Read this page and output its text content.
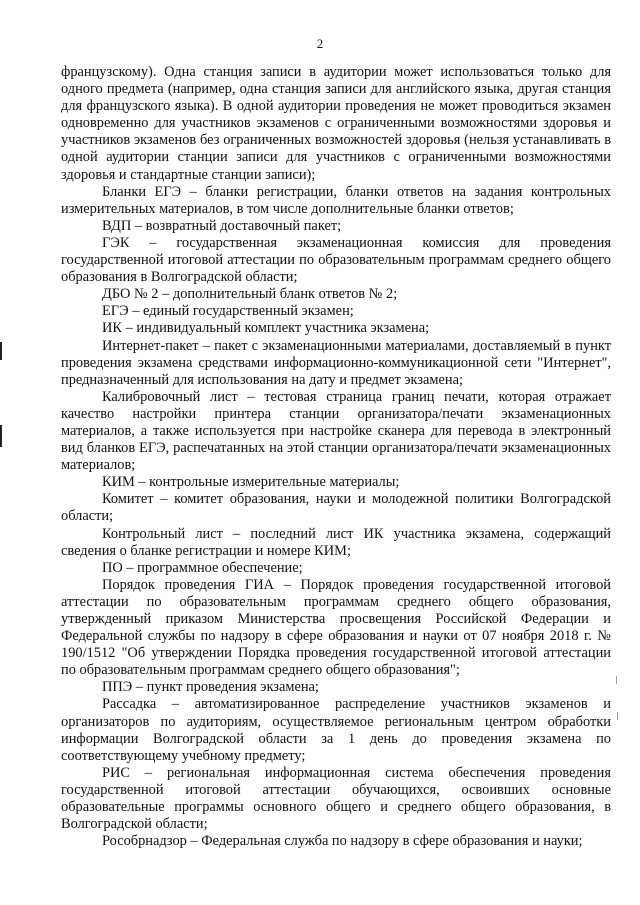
2

французскому). Одна станция записи в аудитории может использоваться только для одного предмета (например, одна станция записи для английского языка, другая станция для французского языка). В одной аудитории проведения не может проводиться экзамен одновременно для участников экзаменов с ограниченными возможностями здоровья и участников экзаменов без ограниченных возможностей здоровья (нельзя устанавливать в одной аудитории станции записи для участников с ограниченными возможностями здоровья и стандартные станции записи);

Бланки ЕГЭ – бланки регистрации, бланки ответов на задания контрольных измерительных материалов, в том числе дополнительные бланки ответов;

ВДП – возвратный доставочный пакет;

ГЭК – государственная экзаменационная комиссия для проведения государственной итоговой аттестации по образовательным программам среднего общего образования в Волгоградской области;

ДБО № 2 – дополнительный бланк ответов № 2;

ЕГЭ – единый государственный экзамен;

ИК – индивидуальный комплект участника экзамена;

Интернет-пакет – пакет с экзаменационными материалами, доставляемый в пункт проведения экзамена средствами информационно-коммуникационной сети "Интернет", предназначенный для использования на дату и предмет экзамена;

Калибровочный лист – тестовая страница границ печати, которая отражает качество настройки принтера станции организатора/печати экзаменационных материалов, а также используется при настройке сканера для перевода в электронный вид бланков ЕГЭ, распечатанных на этой станции организатора/печати экзаменационных материалов;

КИМ – контрольные измерительные материалы;

Комитет – комитет образования, науки и молодежной политики Волгоградской области;

Контрольный лист – последний лист ИК участника экзамена, содержащий сведения о бланке регистрации и номере КИМ;

ПО – программное обеспечение;

Порядок проведения ГИА – Порядок проведения государственной итоговой аттестации по образовательным программам среднего общего образования, утвержденный приказом Министерства просвещения Российской Федерации и Федеральной службы по надзору в сфере образования и науки от 07 ноября 2018 г. № 190/1512 "Об утверждении Порядка проведения государственной итоговой аттестации по образовательным программам среднего общего образования";

ППЭ – пункт проведения экзамена;

Рассадка – автоматизированное распределение участников экзаменов и организаторов по аудиториям, осуществляемое региональным центром обработки информации Волгоградской области за 1 день до проведения экзамена по соответствующему учебному предмету;

РИС – региональная информационная система обеспечения проведения государственной итоговой аттестации обучающихся, освоивших основные образовательные программы основного общего и среднего общего образования, в Волгоградской области;

Рособрнадзор – Федеральная служба по надзору в сфере образования и науки;
